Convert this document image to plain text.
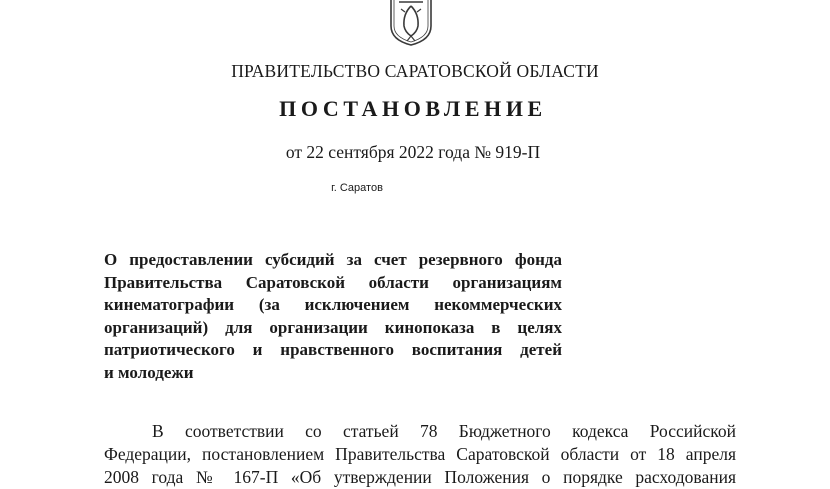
ПРАВИТЕЛЬСТВО САРАТОВСКОЙ ОБЛАСТИ
ПОСТАНОВЛЕНИЕ
от 22 сентября 2022 года № 919-П
г. Саратов
О предоставлении субсидий за счет резервного фонда
Правительства Саратовской области организациям
кинематографии (за исключением некоммерческих
организаций) для организации кинопоказа в целях
патриотического и нравственного воспитания детей
и молодежи
В соответствии со статьей 78 Бюджетного кодекса Российской
Федерации, постановлением Правительства Саратовской области от 18 апреля
2008 года № 167-П «Об утверждении Положения о порядке расходования
